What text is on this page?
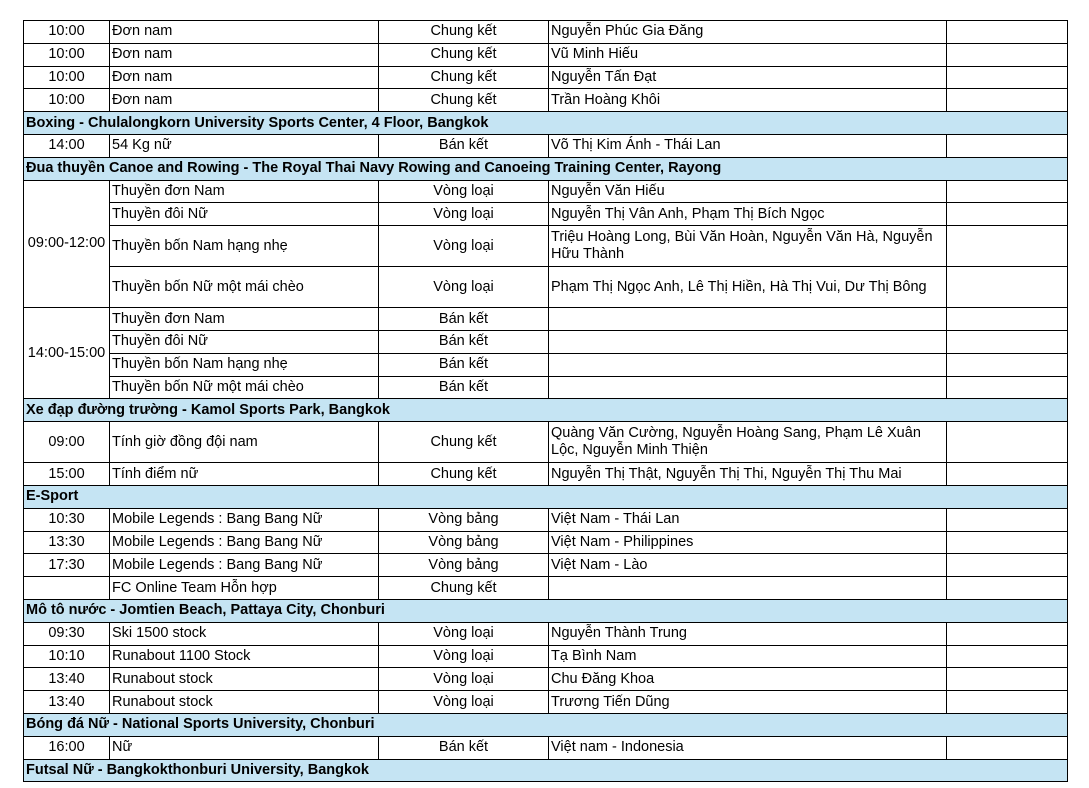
10:00	Đơn nam	Chung kết	Nguyễn Phúc Gia Đăng	
10:00	Đơn nam	Chung kết	Vũ Minh Hiếu	
10:00	Đơn nam	Chung kết	Nguyễn Tấn Đạt	
10:00	Đơn nam	Chung kết	Trần Hoàng Khôi	
Boxing - Chulalongkorn University Sports Center, 4 Floor, Bangkok				
14:00	54 Kg nữ	Bán kết	Võ Thị Kim Ánh - Thái Lan	
Đua thuyền Canoe and Rowing - The Royal Thai Navy Rowing and Canoeing Training Center, Rayong				
09:00-12:00	Thuyền đơn Nam	Vòng loại	Nguyễn Văn Hiếu	
	Thuyền đôi Nữ	Vòng loại	Nguyễn Thị Vân Anh, Phạm Thị Bích Ngọc	
	Thuyền bốn Nam hạng nhẹ	Vòng loại	Triệu Hoàng Long, Bùi Văn Hoàn, Nguyễn Văn Hà, Nguyễn Hữu Thành	
	Thuyền bốn Nữ một mái chèo	Vòng loại	Phạm Thị Ngọc Anh, Lê Thị Hiền, Hà Thị Vui, Dư Thị Bông	
14:00-15:00	Thuyền đơn Nam	Bán kết		
	Thuyền đôi Nữ	Bán kết		
	Thuyền bốn Nam hạng nhẹ	Bán kết		
	Thuyền bốn Nữ một mái chèo	Bán kết		
Xe đạp đường trường - Kamol Sports Park, Bangkok				
09:00	Tính giờ đồng đội nam	Chung kết	Quàng Văn Cường, Nguyễn Hoàng Sang, Phạm Lê Xuân Lộc, Nguyễn Minh Thiện	
15:00	Tính điểm nữ	Chung kết	Nguyễn Thị Thật, Nguyễn Thị Thi, Nguyễn Thị Thu Mai	
E-Sport				
10:30	Mobile Legends : Bang Bang Nữ	Vòng bảng	Việt Nam - Thái Lan	
13:30	Mobile Legends : Bang Bang Nữ	Vòng bảng	Việt Nam - Philippines	
17:30	Mobile Legends : Bang Bang Nữ	Vòng bảng	Việt Nam - Lào	
	FC Online Team Hỗn hợp	Chung kết		
Mô tô nước - Jomtien Beach, Pattaya City, Chonburi				
09:30	Ski 1500 stock	Vòng loại	Nguyễn Thành Trung	
10:10	Runabout 1100 Stock	Vòng loại	Tạ Bình Nam	
13:40	Runabout stock	Vòng loại	Chu Đăng Khoa	
13:40	Runabout stock	Vòng loại	Trương Tiến Dũng	
Bóng đá Nữ - National Sports University, Chonburi				
16:00	Nữ	Bán kết	Việt nam - Indonesia	
Futsal Nữ - Bangkokthonburi University, Bangkok				
